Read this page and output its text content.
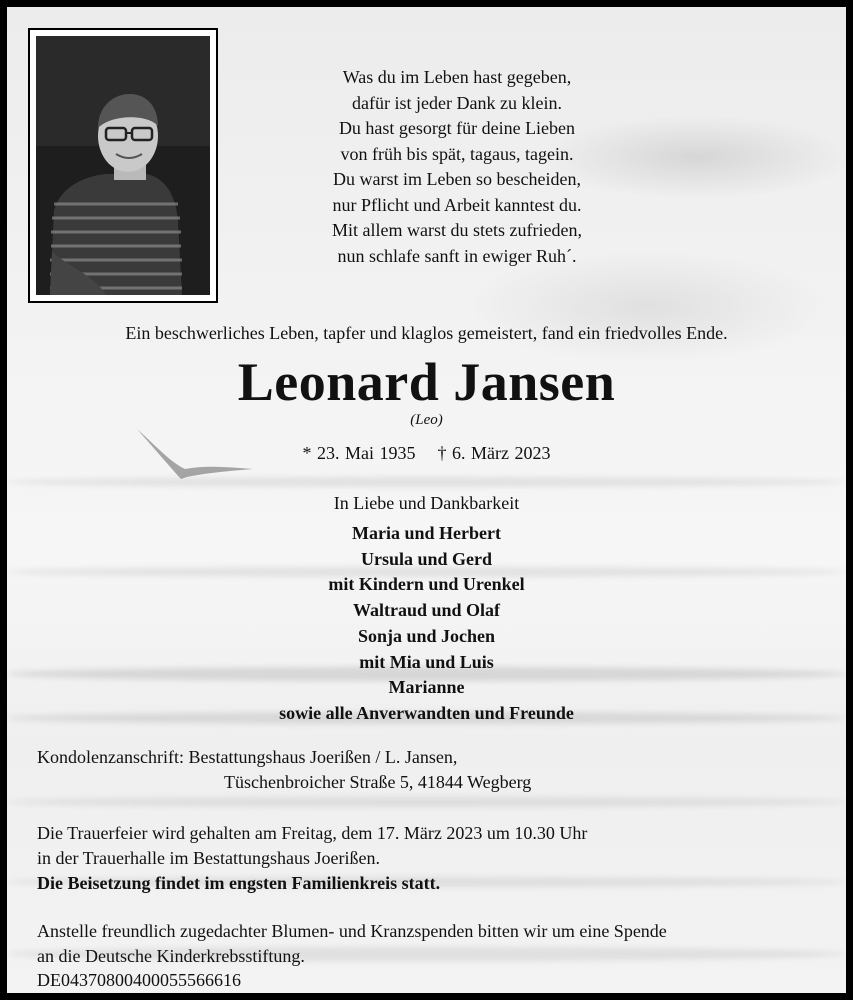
Was du im Leben hast gegeben,
dafür ist jeder Dank zu klein.
Du hast gesorgt für deine Lieben
von früh bis spät, tagaus, tagein.
Du warst im Leben so bescheiden,
nur Pflicht und Arbeit kanntest du.
Mit allem warst du stets zufrieden,
nun schlafe sanft in ewiger Ruh´.
Ein beschwerliches Leben, tapfer und klaglos gemeistert, fand ein friedvolles Ende.
Leonard Jansen
(Leo)
* 23. Mai 1935 † 6. März 2023
In Liebe und Dankbarkeit
Maria und Herbert
Ursula und Gerd
mit Kindern und Urenkel
Waltraud und Olaf
Sonja und Jochen
mit Mia und Luis
Marianne
sowie alle Anverwandten und Freunde
Kondolenzanschrift: Bestattungshaus Joerißen / L. Jansen,
Tüschenbroicher Straße 5, 41844 Wegberg
Die Trauerfeier wird gehalten am Freitag, dem 17. März 2023 um 10.30 Uhr
in der Trauerhalle im Bestattungshaus Joerißen.
Die Beisetzung findet im engsten Familienkreis statt.
Anstelle freundlich zugedachter Blumen- und Kranzspenden bitten wir um eine Spende
an die Deutsche Kinderkrebsstiftung.
DE04370800400055566616
